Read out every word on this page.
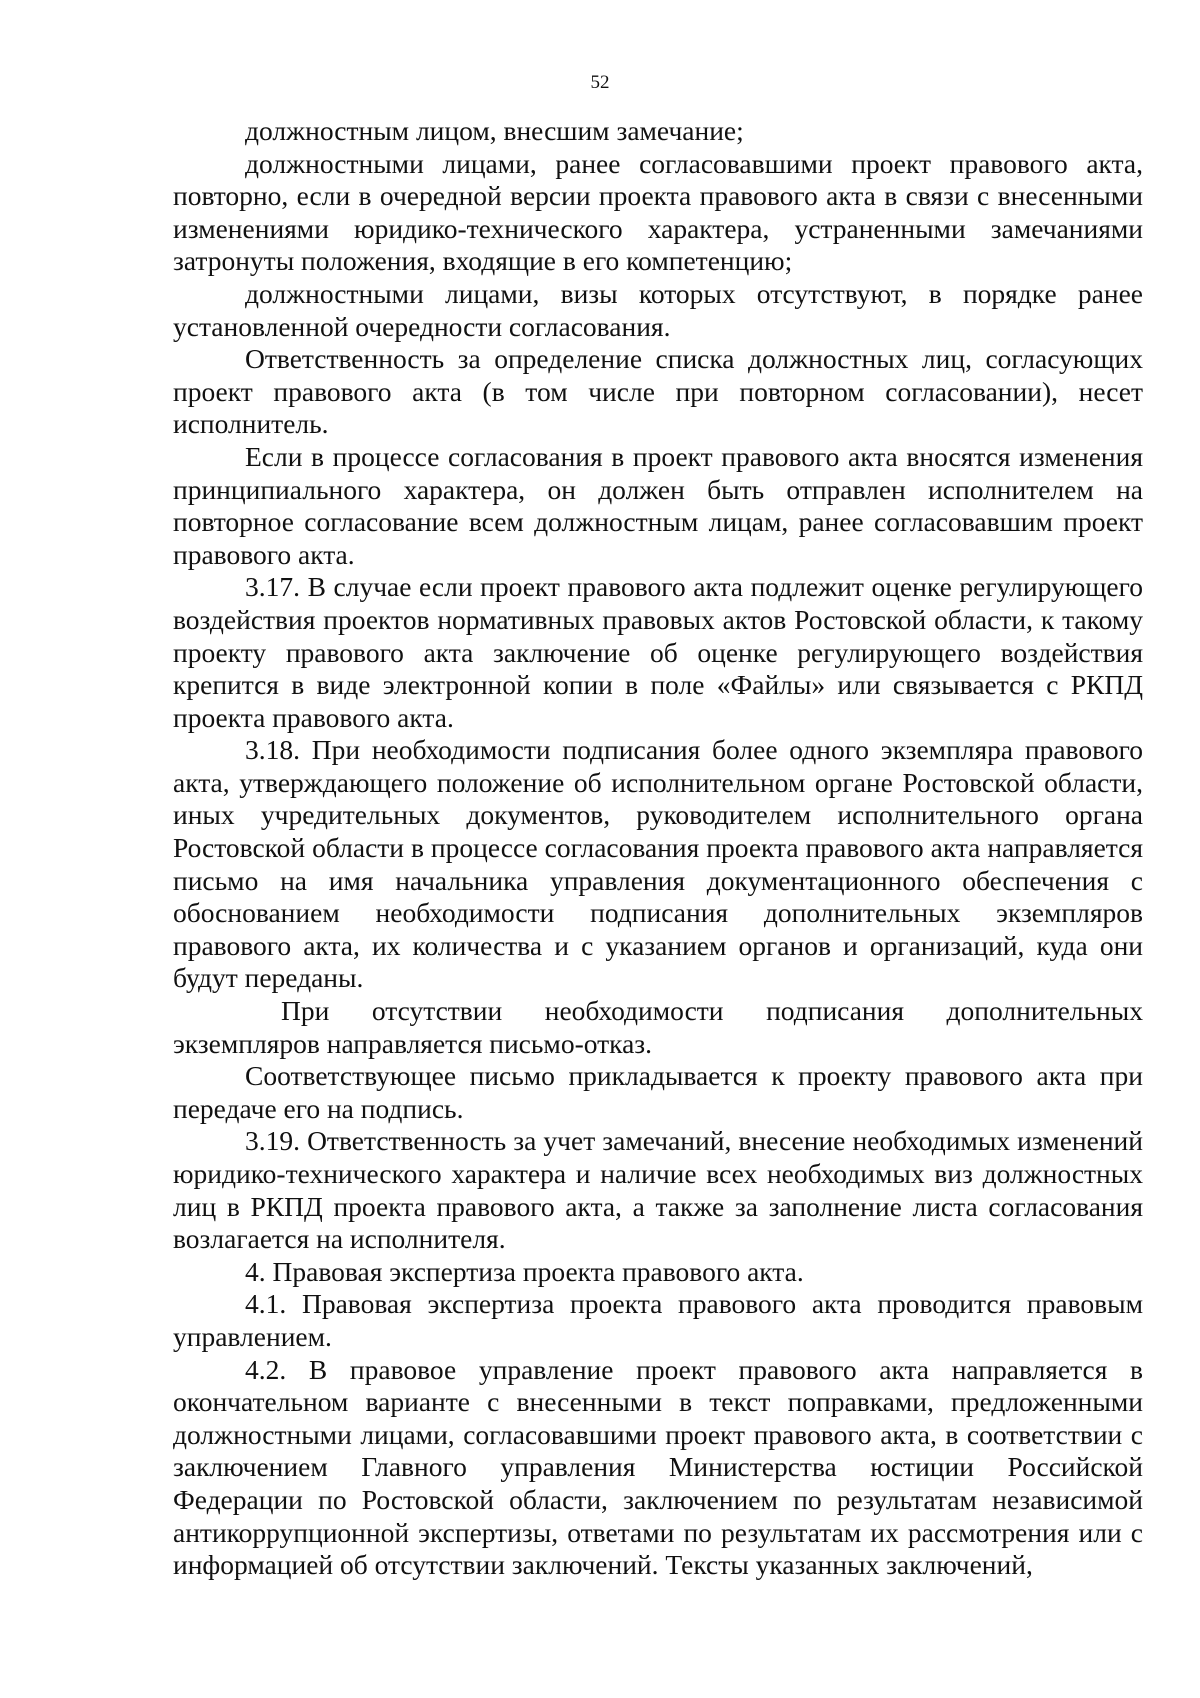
52

должностным лицом, внесшим замечание;

должностными лицами, ранее согласовавшими проект правового акта, повторно, если в очередной версии проекта правового акта в связи с внесенными изменениями юридико-технического характера, устраненными замечаниями затронуты положения, входящие в его компетенцию;

должностными лицами, визы которых отсутствуют, в порядке ранее установленной очередности согласования.

Ответственность за определение списка должностных лиц, согласующих проект правового акта (в том числе при повторном согласовании), несет исполнитель.

Если в процессе согласования в проект правового акта вносятся изменения принципиального характера, он должен быть отправлен исполнителем на повторное согласование всем должностным лицам, ранее согласовавшим проект правового акта.

3.17. В случае если проект правового акта подлежит оценке регулирующего воздействия проектов нормативных правовых актов Ростовской области, к такому проекту правового акта заключение об оценке регулирующего воздействия крепится в виде электронной копии в поле «Файлы» или связывается с РКПД проекта правового акта.

3.18. При необходимости подписания более одного экземпляра правового акта, утверждающего положение об исполнительном органе Ростовской области, иных учредительных документов, руководителем исполнительного органа Ростовской области в процессе согласования проекта правового акта направляется письмо на имя начальника управления документационного обеспечения с обоснованием необходимости подписания дополнительных экземпляров правового акта, их количества и с указанием органов и организаций, куда они будут переданы.

При отсутствии необходимости подписания дополнительных экземпляров направляется письмо-отказ.

Соответствующее письмо прикладывается к проекту правового акта при передаче его на подпись.

3.19. Ответственность за учет замечаний, внесение необходимых изменений юридико-технического характера и наличие всех необходимых виз должностных лиц в РКПД проекта правового акта, а также за заполнение листа согласования возлагается на исполнителя.

4. Правовая экспертиза проекта правового акта.

4.1. Правовая экспертиза проекта правового акта проводится правовым управлением.

4.2. В правовое управление проект правового акта направляется в окончательном варианте с внесенными в текст поправками, предложенными должностными лицами, согласовавшими проект правового акта, в соответствии с заключением Главного управления Министерства юстиции Российской Федерации по Ростовской области, заключением по результатам независимой антикоррупционной экспертизы, ответами по результатам их рассмотрения или с информацией об отсутствии заключений. Тексты указанных заключений,
